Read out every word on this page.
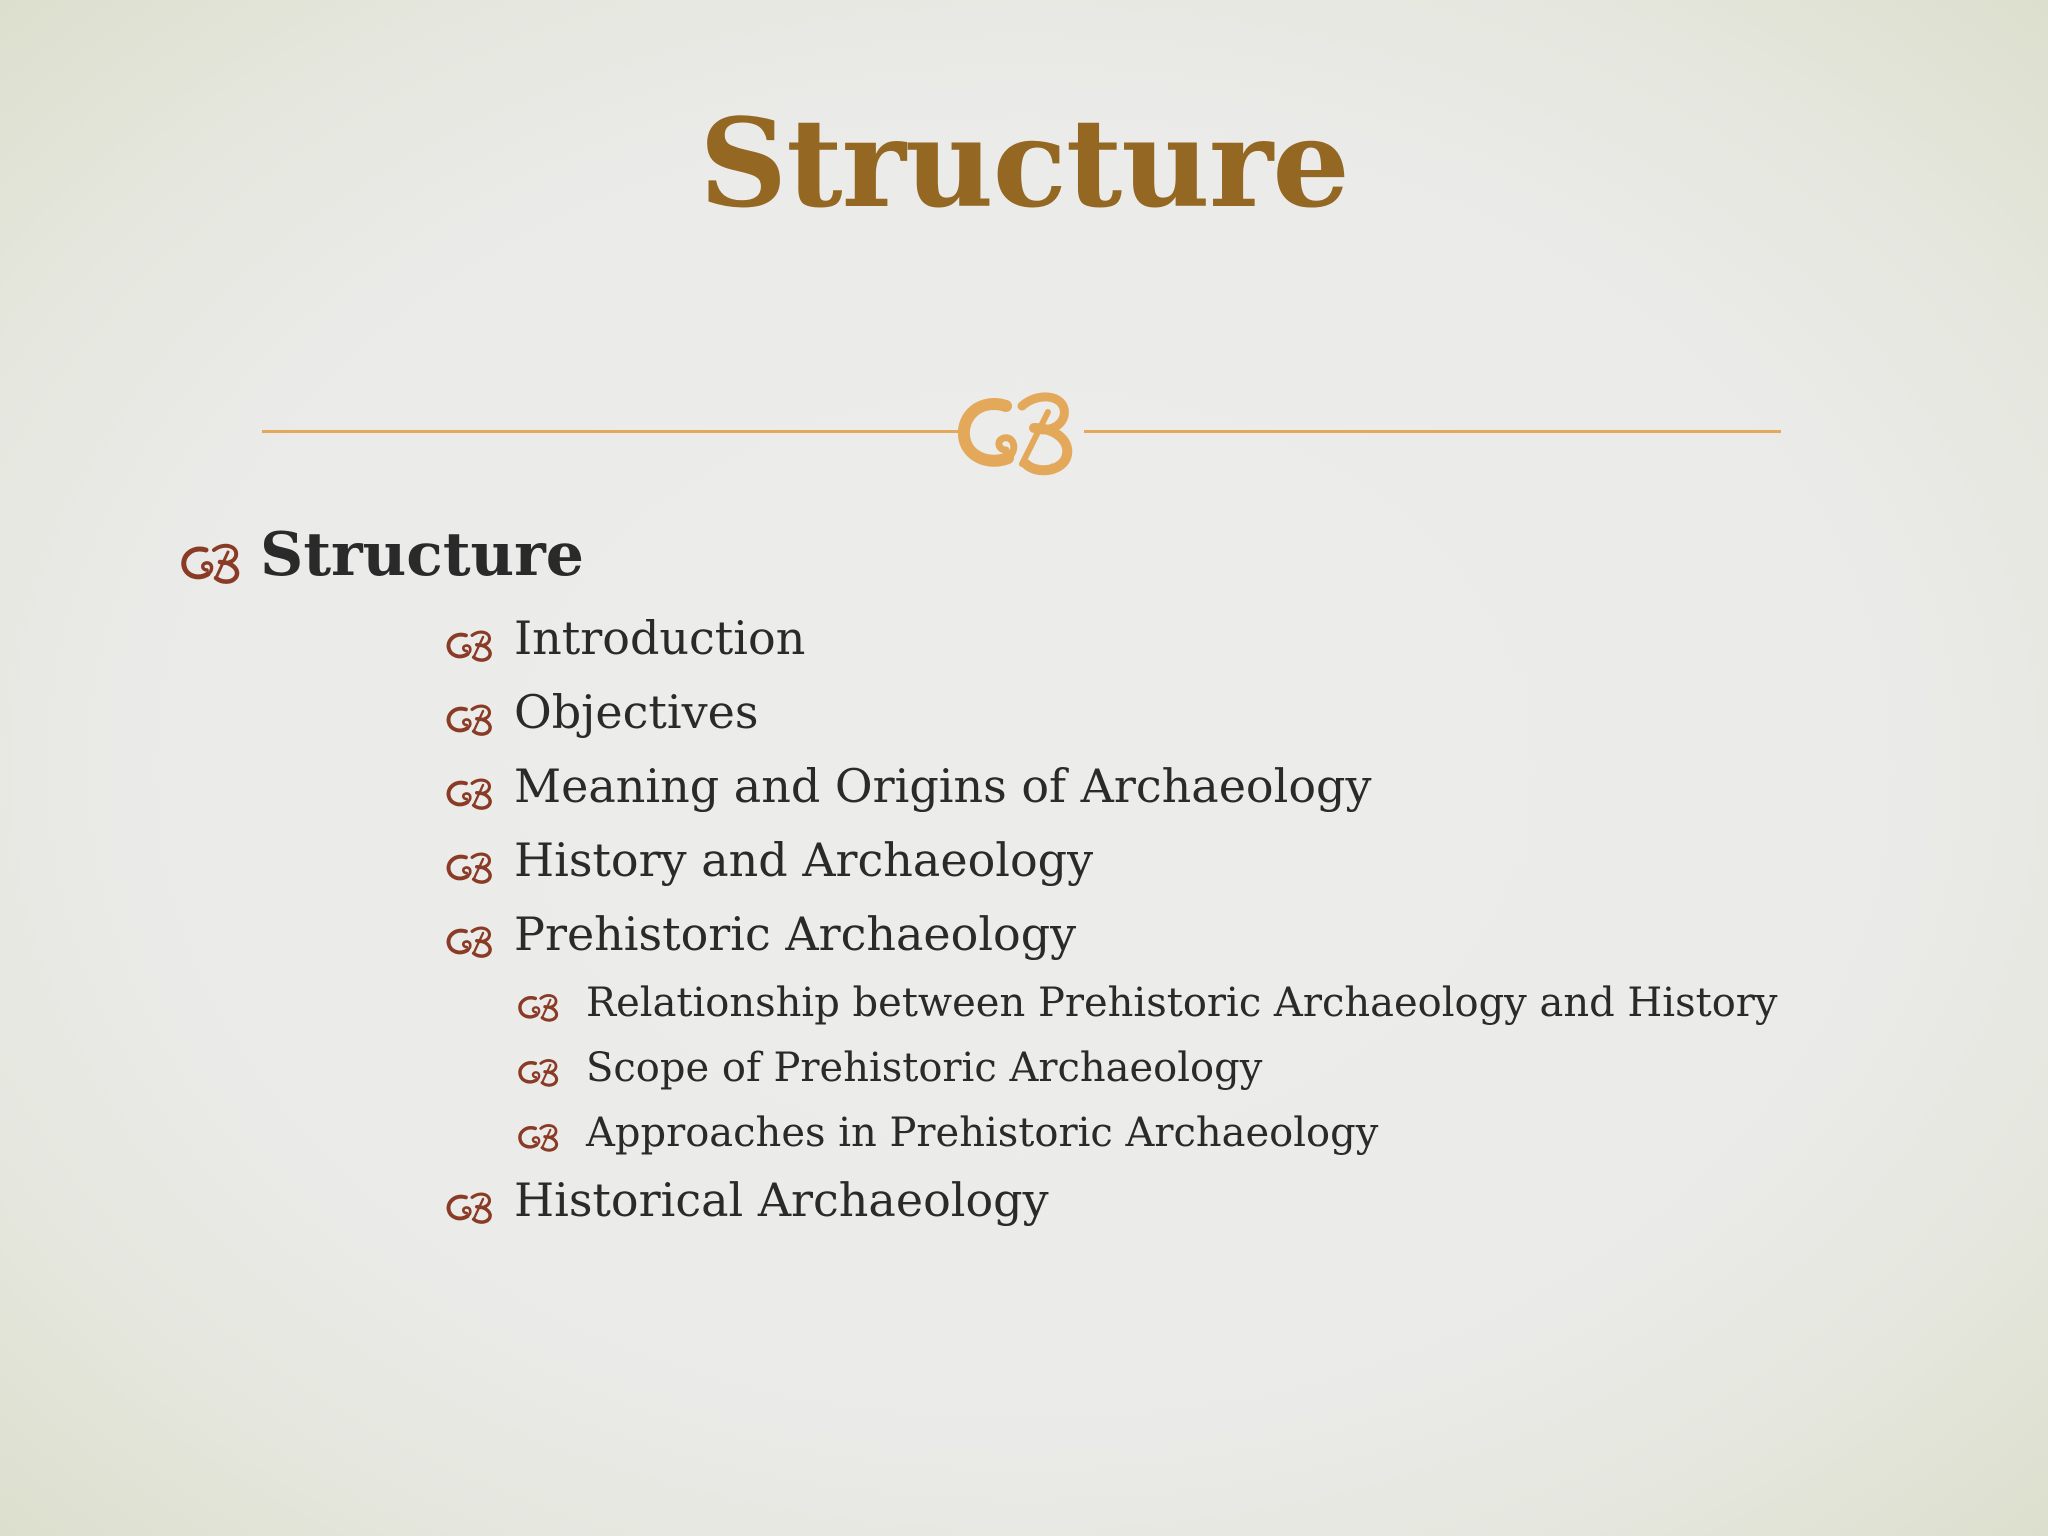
Structure
Structure
Introduction
Objectives
Meaning and Origins of Archaeology
History and Archaeology
Prehistoric Archaeology
Relationship between Prehistoric Archaeology and History
Scope of Prehistoric Archaeology
Approaches in Prehistoric Archaeology
Historical Archaeology
